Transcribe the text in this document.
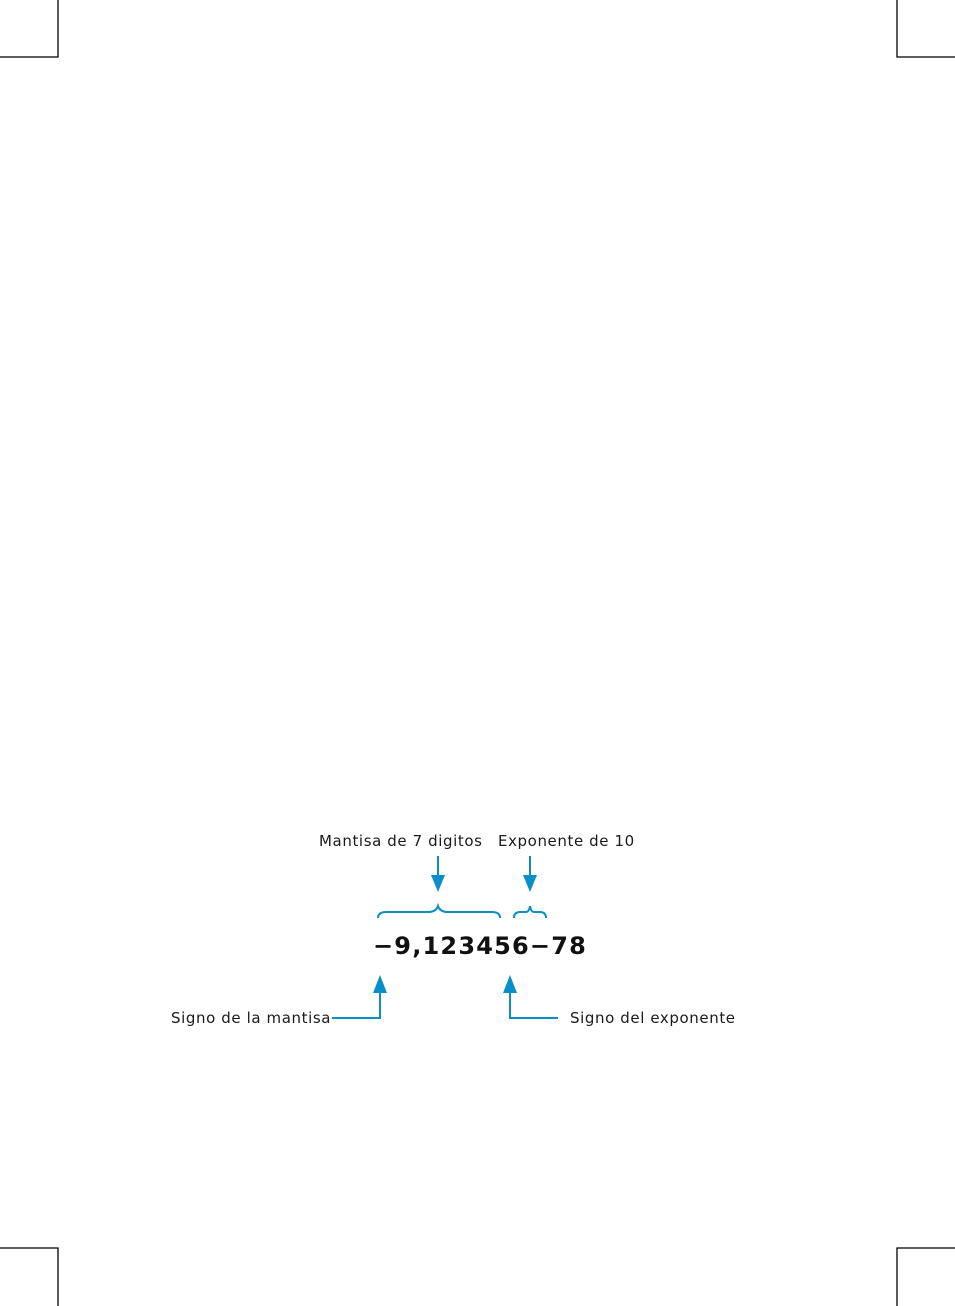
Mantisa de 7 digitos Exponente de 10
−9,123456−78
Signo de la mantisa	Signo del exponente
